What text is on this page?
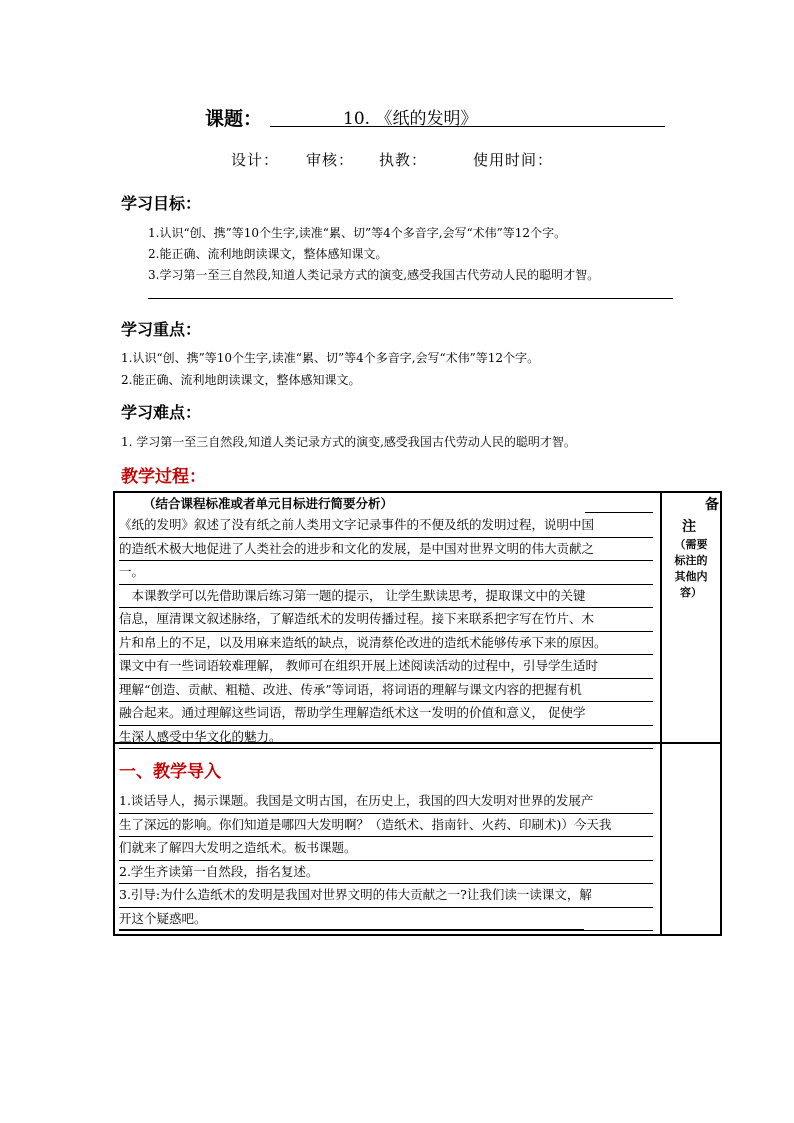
课题：	10. 《纸的发明》
设计： 审核： 执教：	使用时间：
学习目标：
1.认识“创、携”等10个生字,读准“累、切”等4个多音字,会写“术伟”等12个字。
2.能正确、流利地朗读课文，整体感知课文。
3.学习第一至三自然段,知道人类记录方式的演变,感受我国古代劳动人民的聪明才智。
学习重点：
1.认识“创、携”等10个生字,读准“累、切”等4个多音字,会写“术伟”等12个字。
2.能正确、流利地朗读课文，整体感知课文。
学习难点：
1. 学习第一至三自然段,知道人类记录方式的演变,感受我国古代劳动人民的聪明才智。
教学过程：
（结合课程标准或者单元目标进行简要分析）
《纸的发明》叙述了没有纸之前人类用文字记录事件的不便及纸的发明过程，说明中国
的造纸术极大地促进了人类社会的进步和文化的发展，是中国对世界文明的伟大贡献之
一。
　本课教学可以先借助课后练习第一题的提示， 让学生默读思考，提取课文中的关键
信息，厘清课文叙述脉络，了解造纸术的发明传播过程。接下来联系把字写在竹片、木
片和帛上的不足，以及用麻来造纸的缺点，说清蔡伦改进的造纸术能够传承下来的原因。
课文中有一些词语较难理解， 教师可在组织开展上述阅读活动的过程中，引导学生适时
理解“创造、贡献、粗糙、改进、传承”等词语，将词语的理解与课文内容的把握有机
融合起来。通过理解这些词语，帮助学生理解造纸术这一发明的价值和意义， 促使学
生深人感受中华文化的魅力。
备
注
（需要
标注的
其他内
容）
一、教学导入
1.谈话导人，揭示课题。我国是文明古国，在历史上，我国的四大发明对世界的发展产
生了深远的影响。你们知道是哪四大发明啊？（造纸术、指南针、火药、印刷术)）今天我
们就来了解四大发明之造纸术。板书课题。
2.学生齐读第一自然段，指名复述。
3.引导:为什么造纸术的发明是我国对世界文明的伟大贡献之一?让我们读一读课文，解
开这个疑惑吧。
